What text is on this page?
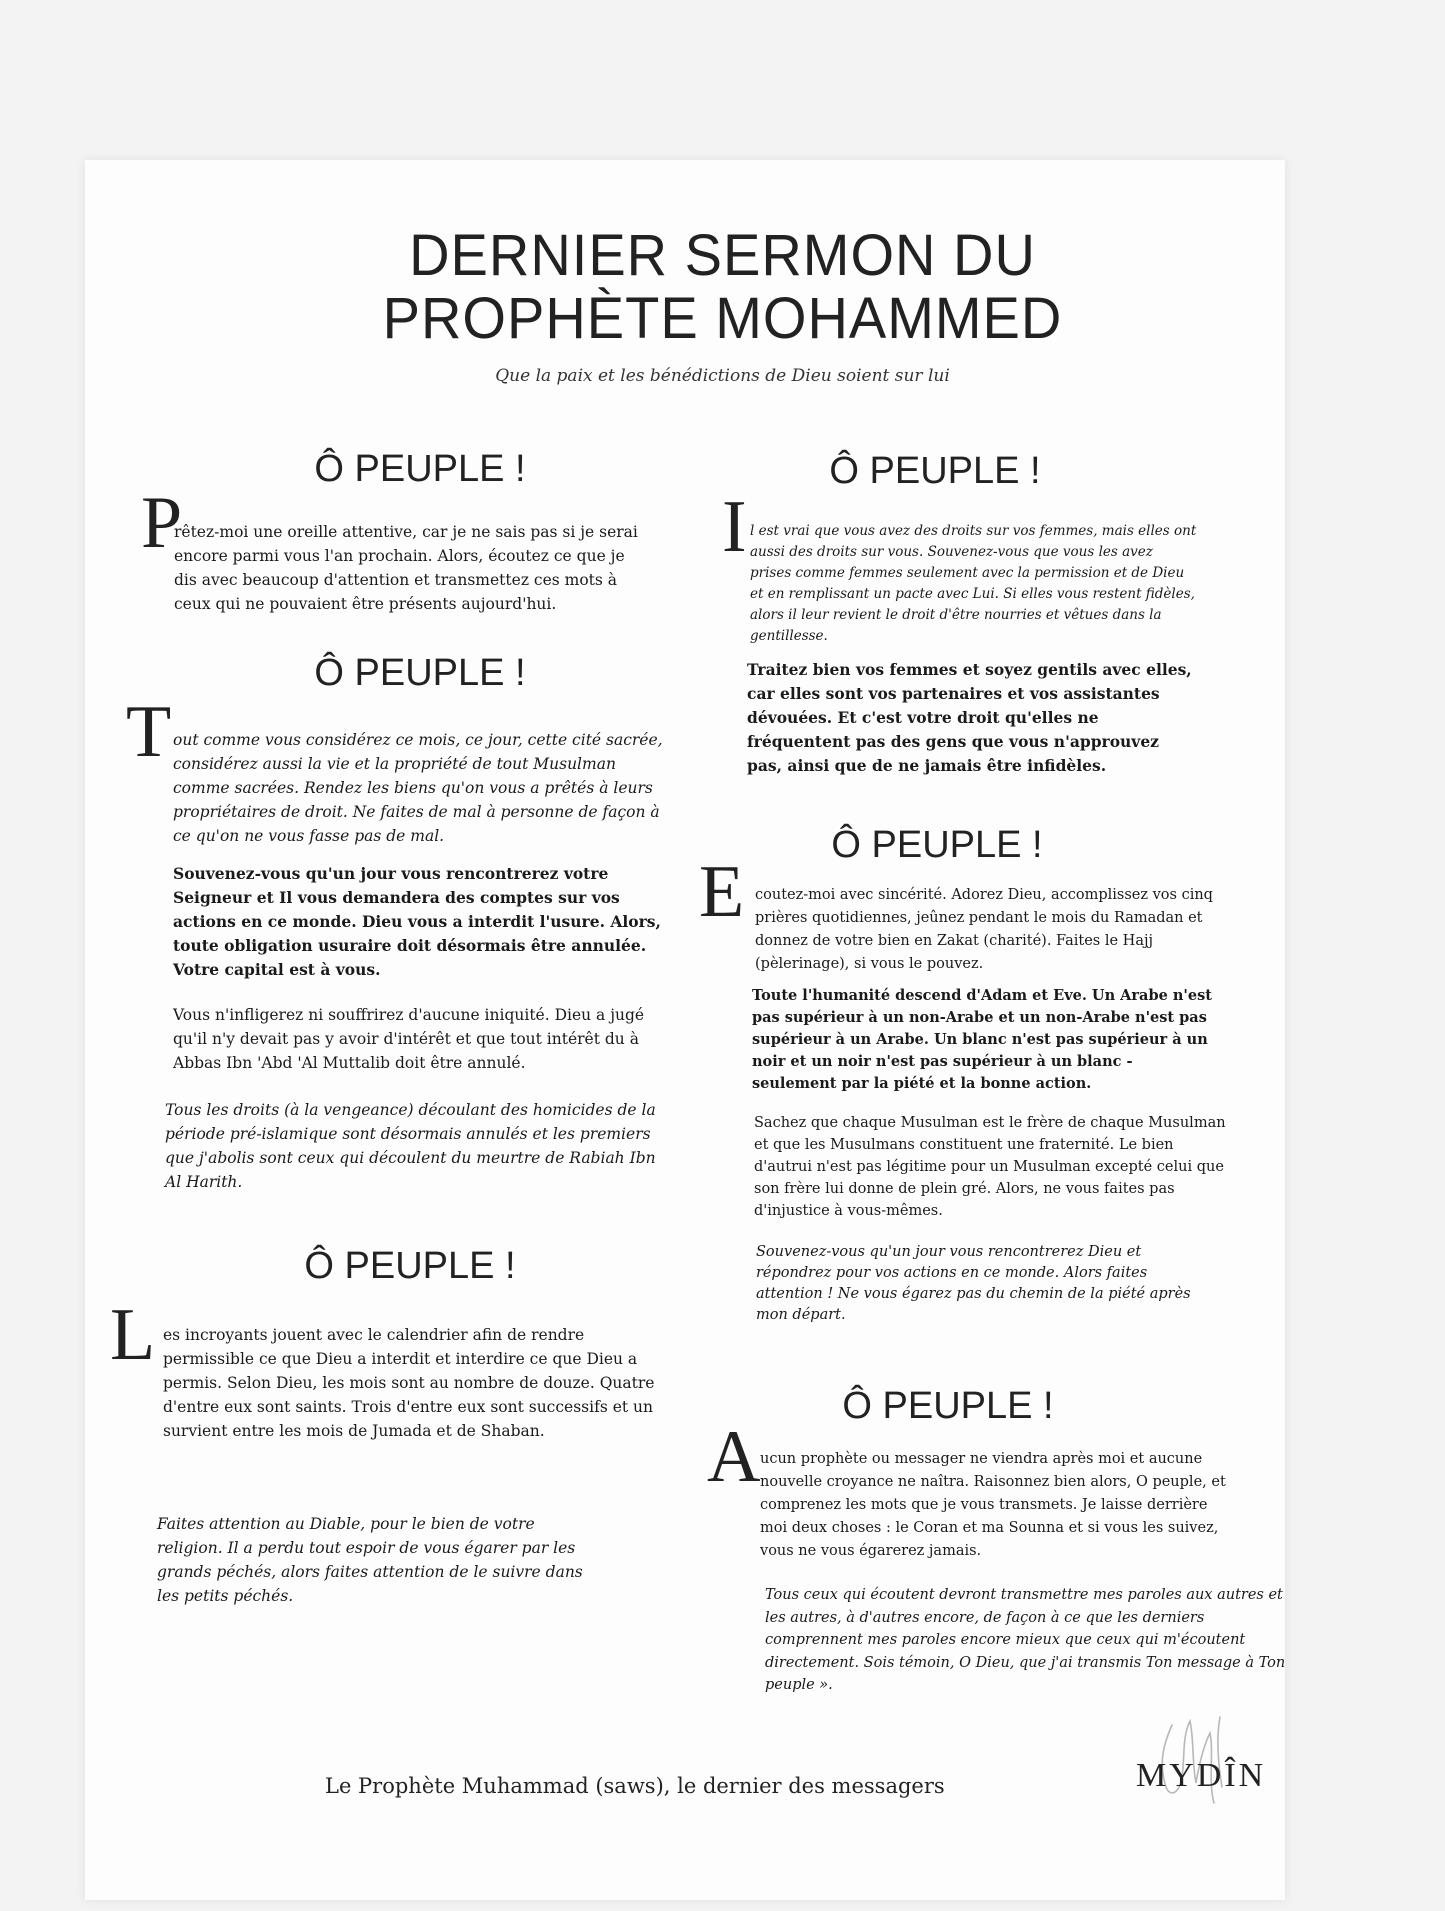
DERNIER SERMON DU
PROPHÈTE MOHAMMED
Que la paix et les bénédictions de Dieu soient sur lui
Ô PEUPLE !
P

rêtez-moi une oreille attentive, car je ne sais pas si je serai encore parmi vous l'an prochain. Alors, écoutez ce que je dis avec beaucoup d'attention et transmettez ces mots à ceux qui ne pouvaient être présents aujourd'hui.

Ô PEUPLE !
T out comme vous considérez ce mois, ce jour, cette cité sacrée, considérez aussi la vie et la propriété de tout Musulman comme sacrées. Rendez les biens qu'on vous a prêtés à leurs propriétaires de droit. Ne faites de mal à personne de façon à ce qu'on ne vous fasse pas de mal.

Souvenez-vous qu'un jour vous rencontrerez votre Seigneur et Il vous demandera des comptes sur vos actions en ce monde. Dieu vous a interdit l'usure. Alors, toute obligation usuraire doit désormais être annulée. Votre capital est à vous.

Vous n'infligerez ni souffrirez d'aucune iniquité. Dieu a jugé qu'il n'y devait pas y avoir d'intérêt et que tout intérêt du à Abbas Ibn 'Abd 'Al Muttalib doit être annulé.

Tous les droits (à la vengeance) découlant des homicides de la période pré-islamique sont désormais annulés et les premiers que j'abolis sont ceux qui découlent du meurtre de Rabiah Ibn Al Harith.

Ô PEUPLE !
L es incroyants jouent avec le calendrier afin de rendre permissible ce que Dieu a interdit et interdire ce que Dieu a permis. Selon Dieu, les mois sont au nombre de douze. Quatre d'entre eux sont saints. Trois d'entre eux sont successifs et un survient entre les mois de Jumada et de Shaban.

Faites attention au Diable, pour le bien de votre religion. Il a perdu tout espoir de vous égarer par les grands péchés, alors faites attention de le suivre dans les petits péchés.

Ô PEUPLE !
I l est vrai que vous avez des droits sur vos femmes, mais elles ont aussi des droits sur vous. Souvenez-vous que vous les avez prises comme femmes seulement avec la permission et de Dieu et en remplissant un pacte avec Lui. Si elles vous restent fidèles, alors il leur revient le droit d'être nourries et vêtues dans la gentillesse.

Traitez bien vos femmes et soyez gentils avec elles, car elles sont vos partenaires et vos assistantes dévouées. Et c'est votre droit qu'elles ne fréquentent pas des gens que vous n'approuvez pas, ainsi que de ne jamais être infidèles.

Ô PEUPLE !
E coutez-moi avec sincérité. Adorez Dieu, accomplissez vos cinq prières quotidiennes, jeûnez pendant le mois du Ramadan et donnez de votre bien en Zakat (charité). Faites le Hajj (pèlerinage), si vous le pouvez.

Toute l'humanité descend d'Adam et Eve. Un Arabe n'est pas supérieur à un non-Arabe et un non-Arabe n'est pas supérieur à un Arabe. Un blanc n'est pas supérieur à un noir et un noir n'est pas supérieur à un blanc - seulement par la piété et la bonne action.

Sachez que chaque Musulman est le frère de chaque Musulman et que les Musulmans constituent une fraternité. Le bien d'autrui n'est pas légitime pour un Musulman excepté celui que son frère lui donne de plein gré. Alors, ne vous faites pas d'injustice à vous-mêmes.

Souvenez-vous qu'un jour vous rencontrerez Dieu et répondrez pour vos actions en ce monde. Alors faites attention ! Ne vous égarez pas du chemin de la piété après mon départ.

Ô PEUPLE !
A ucun prophète ou messager ne viendra après moi et aucune nouvelle croyance ne naîtra. Raisonnez bien alors, O peuple, et comprenez les mots que je vous transmets. Je laisse derrière moi deux choses : le Coran et ma Sounna et si vous les suivez, vous ne vous égarerez jamais.

Tous ceux qui écoutent devront transmettre mes paroles aux autres et les autres, à d'autres encore, de façon à ce que les derniers comprennent mes paroles encore mieux que ceux qui m'écoutent directement. Sois témoin, O Dieu, que j'ai transmis Ton message à Ton peuple ».

Le Prophète Muhammad (saws), le dernier des messagers	MYDÎN
